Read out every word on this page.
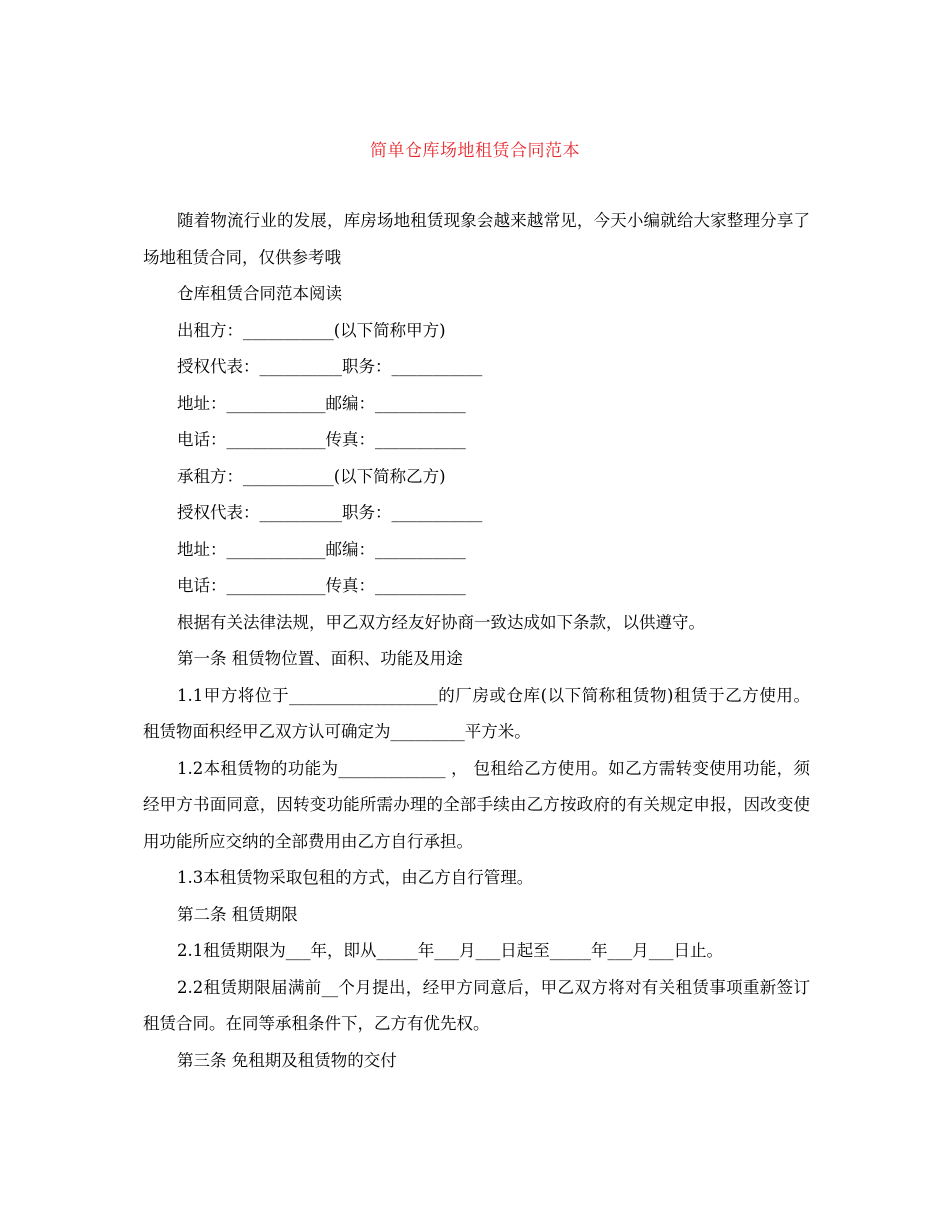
简单仓库场地租赁合同范本

随着物流行业的发展，库房场地租赁现象会越来越常见，今天小编就给大家整理分享了场地租赁合同，仅供参考哦

仓库租赁合同范本阅读

出租方：___________(以下简称甲方)

授权代表：__________职务：___________

地址：____________邮编：___________

电话：____________传真：___________

承租方：___________(以下简称乙方)

授权代表：__________职务：___________

地址：____________邮编：___________

电话：____________传真：___________

根据有关法律法规，甲乙双方经友好协商一致达成如下条款，以供遵守。

第一条 租赁物位置、面积、功能及用途

1.1甲方将位于__________________的厂房或仓库(以下简称租赁物)租赁于乙方使用。租赁物面积经甲乙双方认可确定为_________平方米。

1.2本租赁物的功能为_____________ ， 包租给乙方使用。如乙方需转变使用功能，须经甲方书面同意，因转变功能所需办理的全部手续由乙方按政府的有关规定申报，因改变使用功能所应交纳的全部费用由乙方自行承担。

1.3本租赁物采取包租的方式，由乙方自行管理。

第二条 租赁期限

2.1租赁期限为___年，即从_____年___月___日起至_____年___月___日止。

2.2租赁期限届满前__个月提出，经甲方同意后，甲乙双方将对有关租赁事项重新签订租赁合同。在同等承租条件下，乙方有优先权。

第三条 免租期及租赁物的交付
